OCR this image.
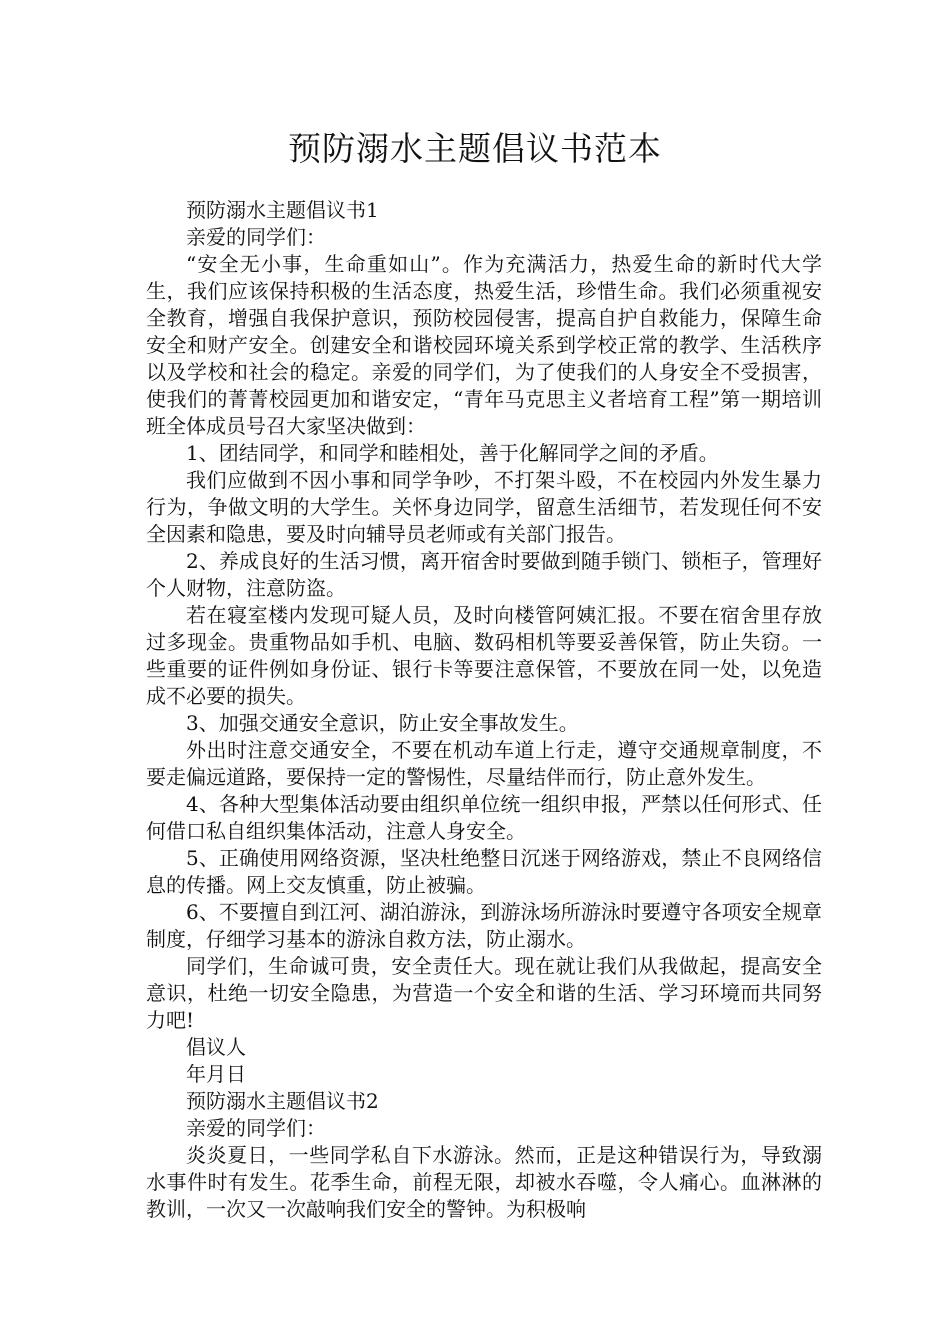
预防溺水主题倡议书范本

预防溺水主题倡议书1

亲爱的同学们：

“安全无小事，生命重如山”。作为充满活力，热爱生命的新时代大学生，我们应该保持积极的生活态度，热爱生活，珍惜生命。我们必须重视安全教育，增强自我保护意识，预防校园侵害，提高自护自救能力，保障生命安全和财产安全。创建安全和谐校园环境关系到学校正常的教学、生活秩序以及学校和社会的稳定。亲爱的同学们，为了使我们的人身安全不受损害，使我们的菁菁校园更加和谐安定，“青年马克思主义者培育工程”第一期培训班全体成员号召大家坚决做到：

1、团结同学，和同学和睦相处，善于化解同学之间的矛盾。

我们应做到不因小事和同学争吵，不打架斗殴，不在校园内外发生暴力行为，争做文明的大学生。关怀身边同学，留意生活细节，若发现任何不安全因素和隐患，要及时向辅导员老师或有关部门报告。

2、养成良好的生活习惯，离开宿舍时要做到随手锁门、锁柜子，管理好个人财物，注意防盗。

若在寝室楼内发现可疑人员，及时向楼管阿姨汇报。不要在宿舍里存放过多现金。贵重物品如手机、电脑、数码相机等要妥善保管，防止失窃。一些重要的证件例如身份证、银行卡等要注意保管，不要放在同一处，以免造成不必要的损失。

3、加强交通安全意识，防止安全事故发生。

外出时注意交通安全，不要在机动车道上行走，遵守交通规章制度，不要走偏远道路，要保持一定的警惕性，尽量结伴而行，防止意外发生。

4、各种大型集体活动要由组织单位统一组织申报，严禁以任何形式、任何借口私自组织集体活动，注意人身安全。

5、正确使用网络资源，坚决杜绝整日沉迷于网络游戏，禁止不良网络信息的传播。网上交友慎重，防止被骗。

6、不要擅自到江河、湖泊游泳，到游泳场所游泳时要遵守各项安全规章制度，仔细学习基本的游泳自救方法，防止溺水。

同学们，生命诚可贵，安全责任大。现在就让我们从我做起，提高安全意识，杜绝一切安全隐患，为营造一个安全和谐的生活、学习环境而共同努力吧!

倡议人

年月日

预防溺水主题倡议书2

亲爱的同学们：

炎炎夏日，一些同学私自下水游泳。然而，正是这种错误行为，导致溺水事件时有发生。花季生命，前程无限，却被水吞噬，令人痛心。血淋淋的教训，一次又一次敲响我们安全的警钟。为积极响
